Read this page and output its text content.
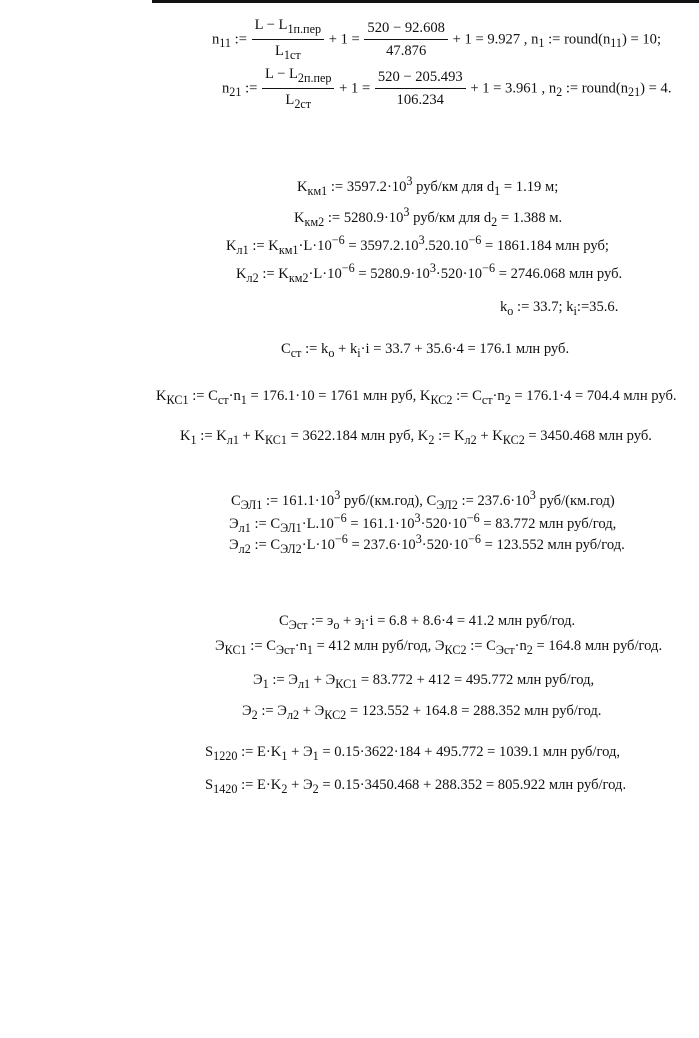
$n_{11}$ := $\frac{L - L_{1п.пер}}{L_{1ст}} + 1 = \frac{520 - 92.608}{47.876} + 1 = 9.927$ , $n_1$ := $round(n_{11}) = 10$;
$n_{21}$ := $\frac{L - L_{2п.пер}}{L_{2ст}} + 1 = \frac{520 - 205.493}{106.234} + 1 = 3.961$ , $n_2$ := $round(n_{21}) = 4$.
$K_{км1}$ := $3597.2\cdot 10^3$ руб/км для $d_1 = 1.19$ м;
$K_{км2}$ := $5280.9\cdot 10^3$ руб/км для $d_2 = 1.388$ м.
$K_{л1}$ := $K_{км1}\cdot L\cdot 10^{-6} = 3597.2.10^3.520.10^{-6} = 1861.184$ млн руб;
$K_{л2}$ := $K_{км2}\cdot L\cdot 10^{-6} = 5280.9\cdot 10^3\cdot 520\cdot 10^{-6} = 2746.068$ млн руб.
$k_o$ := 33.7; $k_i:=35.6$.
$C_{ст}$ := $k_o + k_i\cdot i = 33.7 + 35.6\cdot 4 = 176.1$ млн руб.
$K_{КС1}$ := $C_{ст}\cdot n_1 = 176.1\cdot 10 = 1761$ млн руб, $K_{КС2}$ := $C_{ст}\cdot n_2 = 176.1\cdot 4 = 704.4$ млн руб.
$K_1$ := $K_{л1} + K_{КС1} = 3622.184$ млн руб, $K_2$ := $K_{л2} + K_{КС2} = 3450.468$ млн руб.
$C_{ЭЛ1}$ := $161.1\cdot 10^3$ руб/(км.год), $C_{ЭЛ2}$ := $237.6\cdot 10^3$ руб/(км.год)
$Э_{л1}$ := $C_{ЭЛ1}\cdot L.10^{-6} = 161.1\cdot 10^3\cdot 520\cdot 10^{-6} = 83.772$ млн руб/год,
$Э_{л2}$ := $C_{ЭЛ2}\cdot L\cdot 10^{-6} = 237.6\cdot 10^3\cdot 520\cdot 10^{-6} = 123.552$ млн руб/год.
$C_{Эст}$ := $э_о + э_i\cdot i = 6.8 + 8.6\cdot 4 = 41.2$ млн руб/год.
$Э_{КС1}$ := $C_{Эст}\cdot n_1 = 412$ млн руб/год, $Э_{КС2}$ := $C_{Эст}\cdot n_2 = 164.8$ млн руб/год.
$Э_1$ := $Э_{л1} + Э_{КС1} = 83.772 + 412 = 495.772$ млн руб/год,
$Э_2$ := $Э_{л2} + Э_{КС2} = 123.552 + 164.8 = 288.352$ млн руб/год.
$S_{1220}$ := $E\cdot K_1 + Э_1 = 0.15\cdot 3622\cdot 184 + 495.772 = 1039.1$ млн руб/год,
$S_{1420}$ := $E\cdot K_2 + Э_2 = 0.15\cdot 3450.468 + 288.352 = 805.922$ млн руб/год.
